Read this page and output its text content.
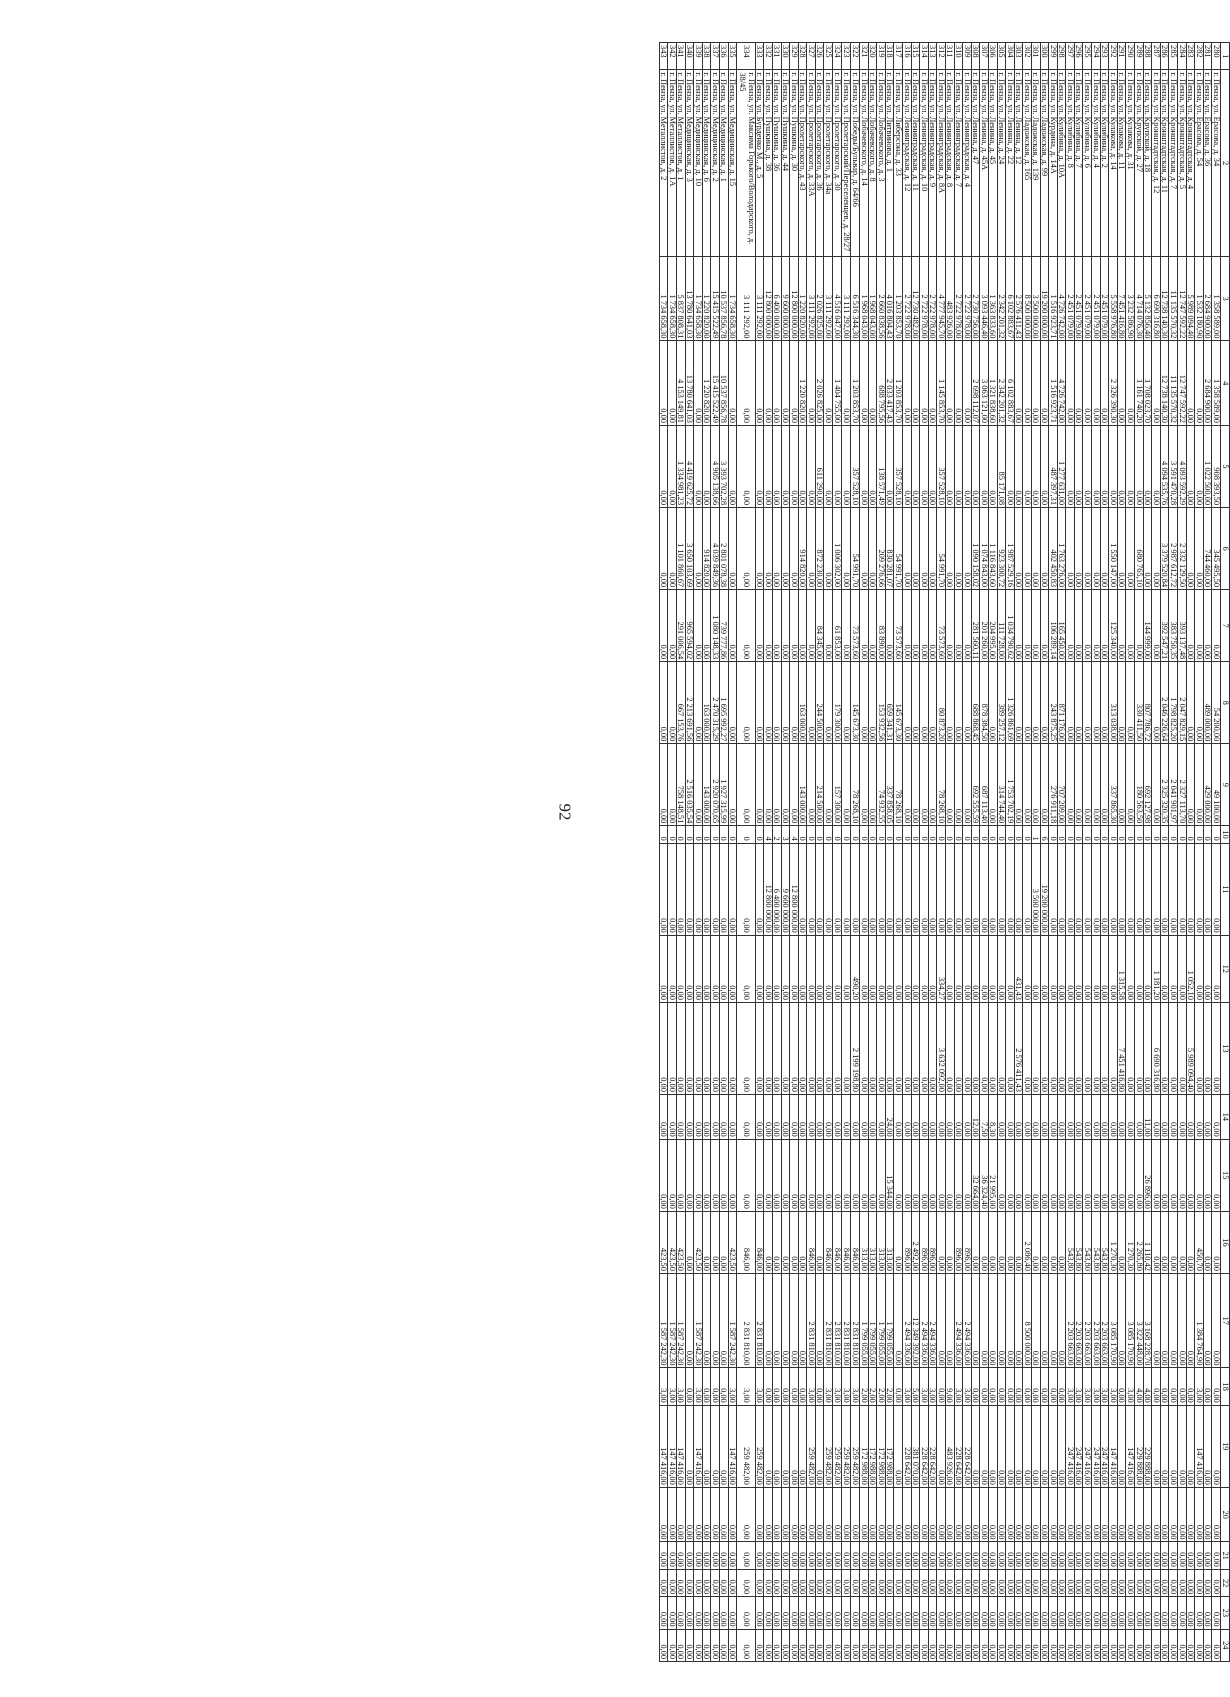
92
1	2	3	4	5	6	7	8	9	10	11	12	13	14	15	16	17	18	19	20	21	22	23	24
280	г. Пенза, ул. Ерасова, д. 34	1 358 589,00	1 358 589,00	908 393,50	345 495,50	0,00	54 200,00	49 100,00	0	0,00	0,00	0,00	0,00	0,00	0,00	0,00	0,00	0,00	0,00	0,00	0,00	0,00	0,00
281	г. Пенза, ул. Ерасова, д. 36	2 684 900,00	2 684 900,00	1 022 500,00	744 460,00	0,00	489 000,00	429 000,00	0	0,00	0,00	0,00	0,00	0,00	0,00	0,00	0,00	0,00	0,00	0,00	0,00	0,00	0,00
282	г. Пенза, ул. Ерасова, д. 54	1 532 180,90	0,00	0,00	0,00	0,00	0,00	0,00	0	0,00	0,00	0,00	0,00	0,00	450,70	1 384 764,90	3,00	147 416,00	0,00	0,00	0,00	0,00	0,00
283	г. Пенза, ул. Кронштадтская, д. 4	5 989 094,40	0,00	0,00	0,00	0,00	0,00	0,00	0	0,00	1 052,10	5 989 094,40	0,00	0,00	0,00	0,00	0,00	0,00	0,00	0,00	0,00	0,00	0,00
284	г. Пенза, ул. Кронштадтская, д. 5	12 747 592,22	12 747 592,22	4 093 592,29	2 332 129,50	393 137,48	2 047 829,15	2 327 113,70	0	0,00	0,00	0,00	0,00	0,00	0,00	0,00	0,00	0,00	0,00	0,00	0,00	0,00	0,00
285	г. Пенза, ул. Кронштадтская, д. 7	11 135 570,32	11 135 570,32	3 591 470,28	2 987 612,72	383 750,35	1 798 825,20	2 041 901,97	0	0,00	0,00	0,00	0,00	0,00	0,00	0,00	0,00	0,00	0,00	0,00	0,00	0,00	0,00
286	г. Пенза, ул. Кронштадтская, д. 11	12 738 140,30	12 738 140,30	4 094 535,76	3 379 520,84	392 547,21	2 046 226,64	2 325 320,35	0	0,00	0,00	0,00	0,00	0,00	0,00	0,00	0,00	0,00	0,00	0,00	0,00	0,00	0,00
287	г. Пенза, ул. Кронштадтская, д. 12	6 690 316,80	0,00	0,00	0,00	0,00	0,00	0,00	0	0,00	1 181,20	6 690 316,80	0,00	0,00	0,00	0,00	0,00	0,00	0,00	0,00	0,00	0,00	0,00
288	г. Пенза, ул. Крупской, д. 18	5 132 856,40	1 708 023,70	0,00	0,00	144 999,00	807 786,72	692 127,98	0	0,00	0,00	0,00	11,00	26 896,00	1 110,42	3 168 228,70	4,00	229 888,00	0,00	0,00	0,00	0,00	0,00
289	г. Пенза, ул. Крупской, д. 27	4 714 076,30	1 161 740,20	0,00	680 765,10	0,00	330 411,50	180 563,50	0	0,00	0,00	0,00	0,00	0,00	2 265,80	3 322 448,00	4,00	229 888,00	0,00	0,00	0,00	0,00	0,00
290	г. Пенза, ул. Кулакова, д. 31	3 232 586,90	0,00	0,00	0,00	0,00	0,00	0,00	0	0,00	0,00	0,00	0,00	0,00	1 270,30	3 085 170,90	3,00	147 416,00	0,00	0,00	0,00	0,00	0,00
291	г. Пенза, ул. Кулакова, д. 11	7 451 416,80	0,00	0,00	0,00	0,00	0,00	0,00	0	0,00	1 315,58	7 451 416,80	0,00	0,00	0,00	0,00	0,00	0,00	0,00	0,00	0,00	0,00	0,00
292	г. Пенза, ул. Кулакова, д. 14	5 558 976,80	2 326 390,30	0,00	1 550 147,00	125 340,00	313 038,00	337 865,30	0	0,00	0,00	0,00	0,00	0,00	1 270,30	3 085 170,90	3,00	147 416,00	0,00	0,00	0,00	0,00	0,00
293	г. Пенза, ул. Кулибина, д. 2	2 451 079,00	0,00	0,00	0,00	0,00	0,00	0,00	0	0,00	0,00	0,00	0,00	0,00	543,80	2 203 663,00	3,00	247 416,00	0,00	0,00	0,00	0,00	0,00
294	г. Пенза, ул. Кулибина, д. 4	2 451 079,00	0,00	0,00	0,00	0,00	0,00	0,00	0	0,00	0,00	0,00	0,00	0,00	543,80	2 203 663,00	3,00	247 416,00	0,00	0,00	0,00	0,00	0,00
295	г. Пенза, ул. Кулибина, д. 6	2 451 079,00	0,00	0,00	0,00	0,00	0,00	0,00	0	0,00	0,00	0,00	0,00	0,00	543,80	2 203 663,00	3,00	247 416,00	0,00	0,00	0,00	0,00	0,00
296	г. Пенза, ул. Кулибина, д. 7	2 451 079,00	0,00	0,00	0,00	0,00	0,00	0,00	0	0,00	0,00	0,00	0,00	0,00	543,80	2 203 663,00	3,00	247 416,00	0,00	0,00	0,00	0,00	0,00
297	г. Пенза, ул. Кулибина, д. 8	2 451 079,00	0,00	0,00	0,00	0,00	0,00	0,00	0	0,00	0,00	0,00	0,00	0,00	543,80	2 203 663,00	3,00	247 416,00	0,00	0,00	0,00	0,00	0,00
298	г. Пенза, ул. Кулибина, д. 10А	4 726 742,00	4 726 742,00	1 277 631,00	1 763 276,00	165 450,00	871 176,00	707 209,00	0	0,00	0,00	0,00	0,00	0,00	0,00	0,00	0,00	0,00	0,00	0,00	0,00	0,00	0,00
299	г. Пенза, ул. Курдина, д. 14А	1 516 923,71	1 516 923,71	487 397,31	402 450,83	106 289,14	243 875,25	276 911,18	0	0,00	0,00	0,00	0,00	0,00	0,00	0,00	0,00	0,00	0,00	0,00	0,00	0,00	0,00
300	г. Пенза, ул. Ладожская, д. 99	19 200 000,00	0,00	0,00	0,00	0,00	0,00	0,00	6	19 200 000,00	0,00	0,00	0,00	0,00	0,00	0,00	0,00	0,00	0,00	0,00	0,00	0,00	0,00
301	г. Пенза, ул. Ладожская, д. 139	3 500 000,00	0,00	0,00	0,00	0,00	0,00	0,00	1	3 500 000,00	0,00	0,00	0,00	0,00	0,00	0,00	0,00	0,00	0,00	0,00	0,00	0,00	0,00
302	г. Пенза, ул. Ладожская, д. 165	8 500 000,00	0,00	0,00	0,00	0,00	0,00	0,00	0	0,00	0,00	0,00	0,00	0,00	2 086,40	8 500 000,00	0,00	0,00	0,00	0,00	0,00	0,00	0,00
303	г. Пенза, ул. Ленина, д. 12	2 576 411,43	0,00	0,00	0,00	0,00	0,00	0,00	0	0,00	431,43	2 576 411,43	0,00	0,00	0,00	0,00	0,00	0,00	0,00	0,00	0,00	0,00	0,00
304	г. Пенза, ул. Ленина, д. 22	6 102 883,67	6 102 883,67	0,00	1 987 529,16	1 034 790,62	1 326 861,69	1 753 702,19	0	0,00	0,00	0,00	0,00	0,00	0,00	0,00	0,00	0,00	0,00	0,00	0,00	0,00	0,00
305	г. Пенза, ул. Ленина, д. 24	2 342 201,32	2 342 201,32	85 171,08	923 300,72	111 728,00	389 257,12	314 744,40	0	0,00	0,00	0,00	0,00	0,00	0,00	0,00	0,00	0,00	0,00	0,00	0,00	0,00	0,00
306	г. Пенза, ул. Ленина, д. 45	1 363 833,60	1 321 838,60	0,00	1 116 843,60	204 995,00	0,00	0,00	0	0,00	0,00	0,00	8,30	21 995,00	0,00	0,00	0,00	0,00	0,00	0,00	0,00	0,00	0,00
307	г. Пенза, ул. Ленина, д. 45А	3 093 446,40	3 063 121,00	0,00	1 074 843,00	201 260,00	878 384,50	687 113,40	0	0,00	0,00	0,00	7,50	36 324,40	0,00	0,00	0,00	0,00	0,00	0,00	0,00	0,00	0,00
308	г. Пенза, ул. Ленина, д. 47	2 730 756,00	2 698 112,07	0,00	1 090 158,02	281 560,11	688 868,45	692 555,59	0	0,00	0,00	0,00	12,00	32 664,00	0,00	0,00	0,00	0,00	0,00	0,00	0,00	0,00	0,00
309	г. Пенза, ул. Ленинградская, д. 4	2 722 978,00	0,00	0,00	0,00	0,00	0,00	0,00	0	0,00	0,00	0,00	0,00	0,00	896,00	2 494 336,00	3,00	228 642,00	0,00	0,00	0,00	0,00	0,00
310	г. Пенза, ул. Ленинградская, д. 7	2 722 978,00	0,00	0,00	0,00	0,00	0,00	0,00	0	0,00	0,00	0,00	0,00	0,00	896,00	2 494 336,00	3,00	228 642,00	0,00	0,00	0,00	0,00	0,00
311	г. Пенза, ул. Ленинградская, д. 8	483 926,00	0,00	0,00	0,00	0,00	0,00	0,00	0	0,00	0,00	0,00	0,00	0,00	0,00	0,00	9,00	483 926,00	0,00	0,00	0,00	0,00	0,00
312	г. Пенза, ул. Ленинградская, д. 8А	4 777 945,70	1 145 853,70	357 528,10	54 991,70	73 573,60	80 873,20	78 268,10	0	0,00	334,27	3 632 092,00	0,00	0,00	0,00	0,00	0,00	0,00	0,00	0,00	0,00	0,00	0,00
313	г. Пенза, ул. Ленинградская, д. 9	2 722 978,00	0,00	0,00	0,00	0,00	0,00	0,00	0	0,00	0,00	0,00	0,00	0,00	896,00	2 494 336,00	3,00	228 642,00	0,00	0,00	0,00	0,00	0,00
314	г. Пенза, ул. Ленинградская, д. 10	2 722 978,00	0,00	0,00	0,00	0,00	0,00	0,00	0	0,00	0,00	0,00	0,00	0,00	896,00	2 494 336,00	3,00	228 642,00	0,00	0,00	0,00	0,00	0,00
315	г. Пенза, ул. Ленинградская, д. 11	12 730 482,00	0,00	0,00	0,00	0,00	0,00	0,00	0	0,00	0,00	0,00	0,00	0,00	2 492,00	12 349 392,00	5,00	381 070,00	0,00	0,00	0,00	0,00	0,00
316	г. Пенза, ул. Ленинградская, д. 12	2 722 978,00	0,00	0,00	0,00	0,00	0,00	0,00	0	0,00	0,00	0,00	0,00	0,00	896,00	2 494 336,00	3,00	228 642,00	0,00	0,00	0,00	0,00	0,00
317	г. Пенза, ул. Либерсона, д. 33	1 203 853,70	1 203 853,70	357 528,10	54 991,70	73 573,60	145 673,30	78 268,10	0	0,00	0,00	0,00	0,00	0,00	0,00	0,00	0,00	0,00	0,00	0,00	0,00	0,00	0,00
318	г. Пенза, ул. Литвинова, д. 1	4 016 804,43	2 033 417,43	0,00	830 281,07	0,00	659 341,31	337 858,05	0	0,00	0,00	0,00	24,00	15 344,00	313,00	1 799 055,00	2,00	172 988,00	0,00	0,00	0,00	0,00	0,00
319	г. Пенза, ул. Лобачевского, д. 3	2 660 838,56	688 795,56	138 571,49	209 276,66	83 890,00	153 932,56	74 932,55	0	0,00	0,00	0,00	0,00	0,00	313,00	1 799 055,00	2,00	172 988,00	0,00	0,00	0,00	0,00	0,00
320	г. Пенза, ул. Лобачевского, д. 8	1 968 043,00	0,00	0,00	0,00	0,00	0,00	0,00	0	0,00	0,00	0,00	0,00	0,00	313,00	1 799 055,00	2,00	172 988,00	0,00	0,00	0,00	0,00	0,00
321	г. Пенза, ул. Лобачевского, д. 14	1 968 043,00	0,00	0,00	0,00	0,00	0,00	0,00	0	0,00	0,00	0,00	0,00	0,00	313,00	1 799 055,00	2,00	172 988,00	0,00	0,00	0,00	0,00	0,00
322	г. Пенза, ул. Победы/Бульвар, д. 64/66	6 516 344,30	1 203 853,70	357 528,10	54 991,70	73 573,60	145 673,30	78 268,10	0	0,00	490,20	2 199 198,80	0,00	0,00	846,00	2 831 810,00	3,00	259 482,00	0,00	0,00	0,00	0,00	0,00
323	г. Пенза, ул. Пролетарский/Переселенцев, д. 28/27	3 111 292,00	0,00	0,00	0,00	0,00	0,00	0,00	0	0,00	0,00	0,00	0,00	0,00	846,00	2 831 810,00	3,00	259 482,00	0,00	0,00	0,00	0,00	0,00
324	г. Пенза, ул. Пролетарского, д. 30	4 516 047,00	1 404 755,00	0,00	1 006 302,00	61 853,00	179 300,00	157 300,00	0	0,00	0,00	0,00	0,00	0,00	846,00	2 831 810,00	3,00	259 482,00	0,00	0,00	0,00	0,00	0,00
325	г. Пенза, ул. Пролетарского, д. 34а	3 111 292,00	0,00	0,00	0,00	0,00	0,00	0,00	0	0,00	0,00	0,00	0,00	0,00	846,00	2 831 810,00	3,00	259 482,00	0,00	0,00	0,00	0,00	0,00
326	г. Пенза, ул. Пролетарского, д. 36	2 026 825,00	2 026 825,00	611 290,00	872 230,00	84 345,00	244 500,00	214 500,00	0	0,00	0,00	0,00	0,00	0,00	0,00	0,00	0,00	0,00	0,00	0,00	0,00	0,00	0,00
327	г. Пенза, ул. Пролетарского, д. 33А	3 111 292,00	0,00	0,00	0,00	0,00	0,00	0,00	0	0,00	0,00	0,00	0,00	0,00	846,00	2 831 810,00	3,00	259 482,00	0,00	0,00	0,00	0,00	0,00
328	г. Пенза, ул. Пролетарского, д. 43	1 220 820,00	1 220 820,00	0,00	914 820,00	0,00	163 000,00	143 000,00	0	0,00	0,00	0,00	0,00	0,00	0,00	0,00	0,00	0,00	0,00	0,00	0,00	0,00	0,00
329	г. Пенза, ул. Пушкина, д. 30	12 800 000,00	0,00	0,00	0,00	0,00	0,00	0,00	4	12 800 000,00	0,00	0,00	0,00	0,00	0,00	0,00	0,00	0,00	0,00	0,00	0,00	0,00	0,00
330	г. Пенза, ул. Пушкина, д. 44	9 600 000,00	0,00	0,00	0,00	0,00	0,00	0,00	3	9 600 000,00	0,00	0,00	0,00	0,00	0,00	0,00	0,00	0,00	0,00	0,00	0,00	0,00	0,00
331	г. Пенза, ул. Пушкина, д. 36	6 400 000,00	0,00	0,00	0,00	0,00	0,00	0,00	2	6 400 000,00	0,00	0,00	0,00	0,00	0,00	0,00	0,00	0,00	0,00	0,00	0,00	0,00	0,00
332	г. Пенза, ул. Пушкина, д. 38	12 800 000,00	0,00	0,00	0,00	0,00	0,00	0,00	4	12 800 000,00	0,00	0,00	0,00	0,00	0,00	0,00	0,00	0,00	0,00	0,00	0,00	0,00	0,00
333	г. Пенза, ул. Бурденко М., д. 5	3 111 292,00	0,00	0,00	0,00	0,00	0,00	0,00	0	0,00	0,00	0,00	0,00	0,00	846,00	2 831 810,00	3,00	259 482,00	0,00	0,00	0,00	0,00	0,00
334	г. Пенза, ул. Максима Горького/Володарского, д. 38/45	3 111 292,00	0,00	0,00	0,00	0,00	0,00	0,00	0	0,00	0,00	0,00	0,00	0,00	846,00	2 831 810,00	3,00	259 482,00	0,00	0,00	0,00	0,00	0,00
335	г. Пенза, ул. Медицинская, д. 15	1 734 658,30	0,00	0,00	0,00	0,00	0,00	0,00	0	0,00	0,00	0,00	0,00	0,00	423,50	1 587 242,30	3,00	147 416,00	0,00	0,00	0,00	0,00	0,00
336	г. Пенза, ул. Медицинская, д. 1	10 537 856,78	10 537 856,78	3 393 702,28	2 801 078,38	739 777,86	1 695 992,27	1 927 315,99	0	0,00	0,00	0,00	0,00	0,00	0,00	0,00	0,00	0,00	0,00	0,00	0,00	0,00	0,00
337	г. Пенза, ул. Медицинская, д. 2	15 415 522,49	15 415 522,49	4 905 138,66	4 039 849,36	1 080 148,33	2 470 315,29	2 920 070,65	0	0,00	0,00	0,00	0,00	0,00	0,00	0,00	0,00	0,00	0,00	0,00	0,00	0,00	0,00
338	г. Пенза, ул. Медицинская, д. 6	1 220 820,00	1 220 820,00	0,00	914 820,00	0,00	163 000,00	143 000,00	0	0,00	0,00	0,00	0,00	0,00	0,00	0,00	0,00	0,00	0,00	0,00	0,00	0,00	0,00
339	г. Пенза, ул. Медицинская, д. 10	1 734 658,30	0,00	0,00	0,00	0,00	0,00	0,00	0	0,00	0,00	0,00	0,00	0,00	423,50	1 587 242,30	3,00	147 416,00	0,00	0,00	0,00	0,00	0,00
340	г. Пенза, ул. Медицинская, д. 3	13 780 641,03	13 780 641,03	4 419 625,72	3 650 103,69	965 594,02	2 213 691,56	2 516 035,54	0	0,00	0,00	0,00	0,00	0,00	0,00	0,00	0,00	0,00	0,00	0,00	0,00	0,00	0,00
341	г. Пенза, ул. Металлистов, д. 1	5 837 808,31	4 153 149,81	1 334 981,23	1 101 860,67	291 006,54	667 153,76	758 148,51	0	0,00	0,00	0,00	0,00	0,00	423,50	1 587 242,30	3,00	147 416,00	0,00	0,00	0,00	0,00	0,00
342	г. Пенза, ул. Металлистов, д. 1А	1 734 658,30	0,00	0,00	0,00	0,00	0,00	0,00	0	0,00	0,00	0,00	0,00	0,00	423,50	1 587 242,30	3,00	147 416,00	0,00	0,00	0,00	0,00	0,00
343	г. Пенза, ул. Металлистов, д. 2	1 734 658,30	0,00	0,00	0,00	0,00	0,00	0,00	0	0,00	0,00	0,00	0,00	0,00	423,50	1 587 242,30	3,00	147 416,00	0,00	0,00	0,00	0,00	0,00
